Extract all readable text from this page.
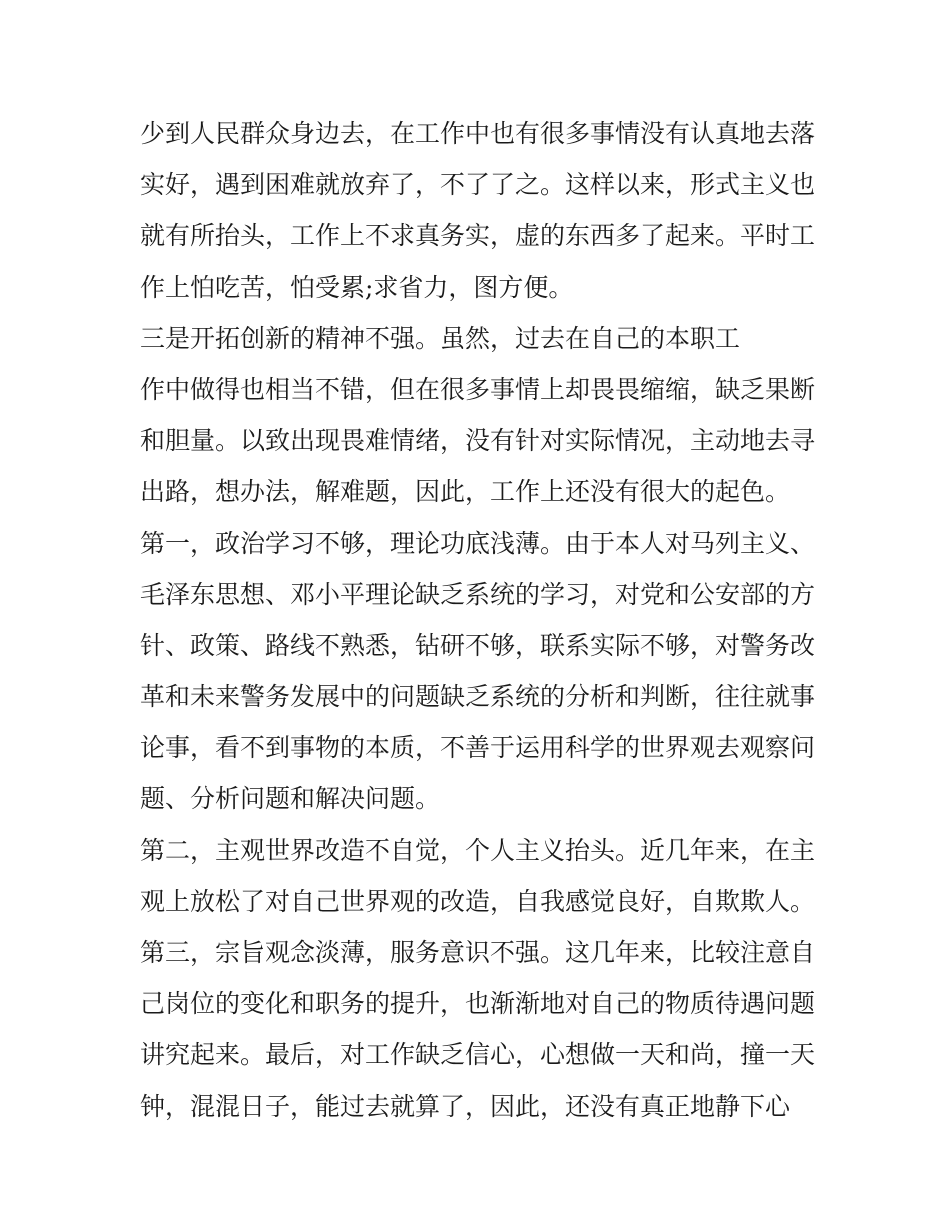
少到人民群众身边去，在工作中也有很多事情没有认真地去落
实好，遇到困难就放弃了，不了了之。这样以来，形式主义也
就有所抬头，工作上不求真务实，虚的东西多了起来。平时工
作上怕吃苦，怕受累;求省力，图方便。
三是开拓创新的精神不强。虽然，过去在自己的本职工
作中做得也相当不错，但在很多事情上却畏畏缩缩，缺乏果断
和胆量。以致出现畏难情绪，没有针对实际情况，主动地去寻
出路，想办法，解难题，因此，工作上还没有很大的起色。
第一，政治学习不够，理论功底浅薄。由于本人对马列主义、
毛泽东思想、邓小平理论缺乏系统的学习，对党和公安部的方
针、政策、路线不熟悉，钻研不够，联系实际不够，对警务改
革和未来警务发展中的问题缺乏系统的分析和判断，往往就事
论事，看不到事物的本质，不善于运用科学的世界观去观察问
题、分析问题和解决问题。
第二，主观世界改造不自觉，个人主义抬头。近几年来，在主
观上放松了对自己世界观的改造，自我感觉良好，自欺欺人。
第三，宗旨观念淡薄，服务意识不强。这几年来，比较注意自
己岗位的变化和职务的提升，也渐渐地对自己的物质待遇问题
讲究起来。最后，对工作缺乏信心，心想做一天和尚，撞一天
钟，混混日子，能过去就算了，因此，还没有真正地静下心
